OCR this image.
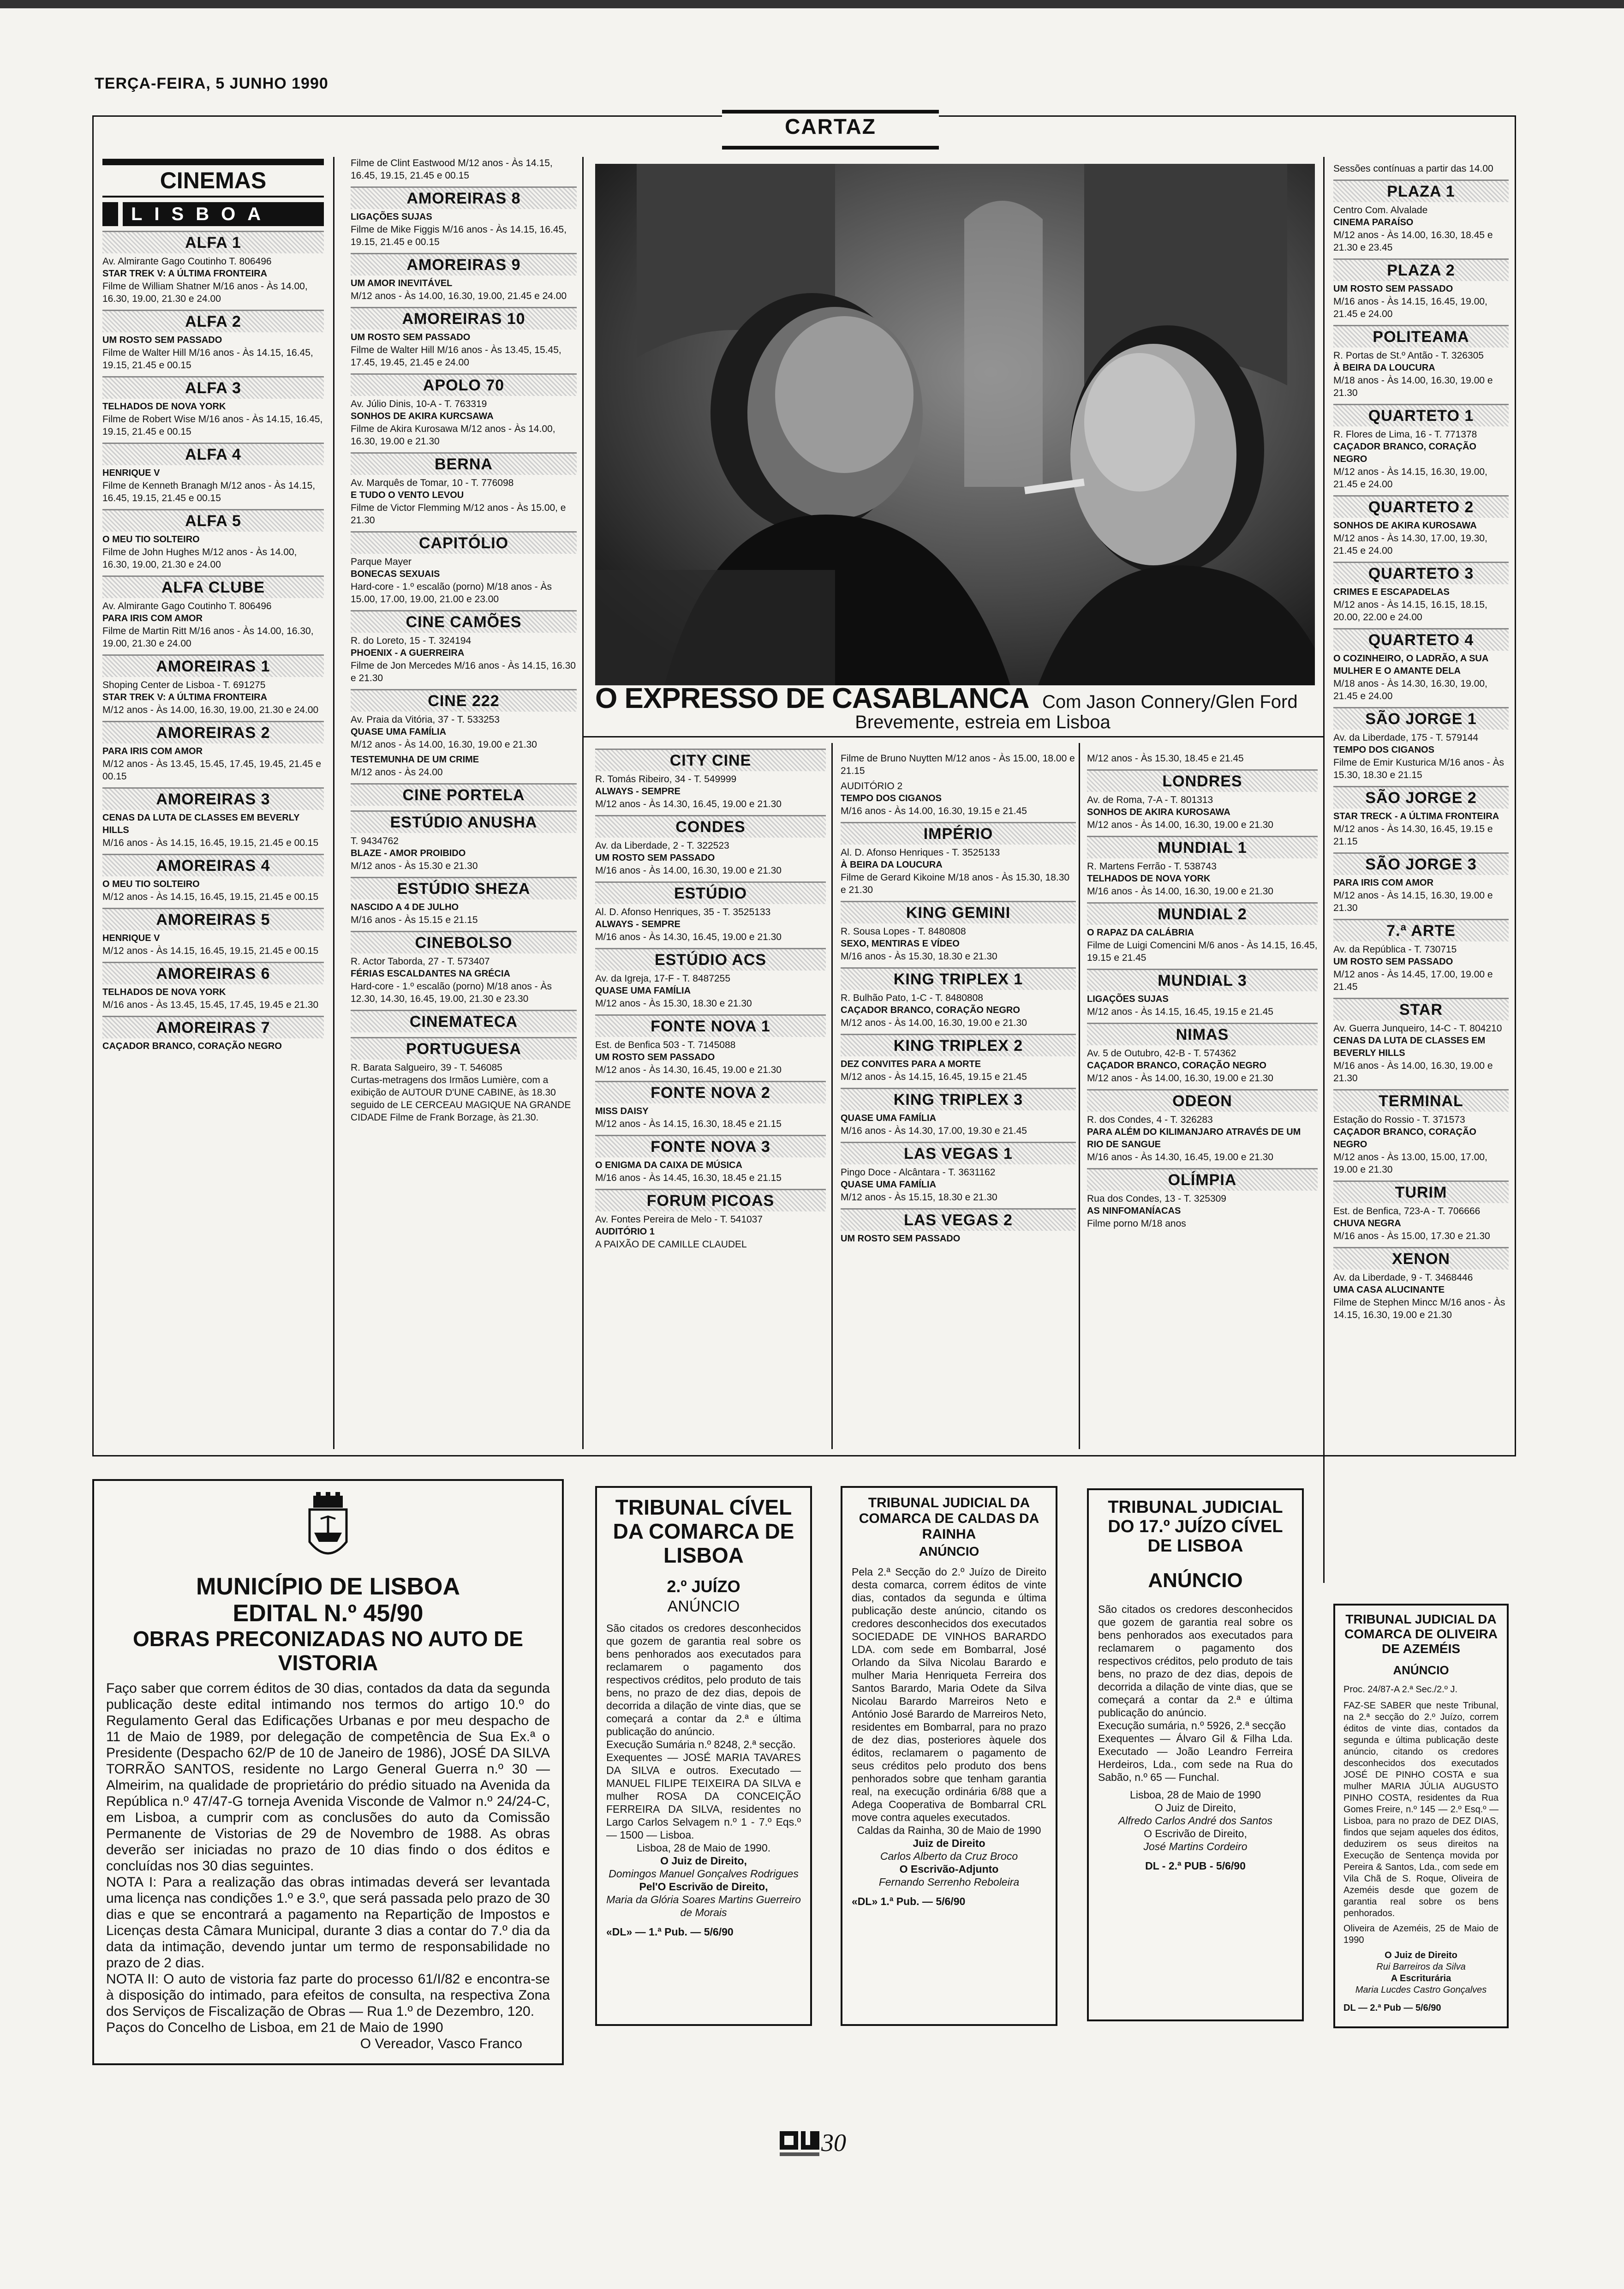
TERÇA-FEIRA, 5 JUNHO 1990
CARTAZ
CINEMAS
LISBOA
ALFA 1
Av. Almirante Gago Coutinho T. 806496
STAR TREK V: A ÚLTIMA FRONTEIRA
Filme de William Shatner M/16 anos - Às 14.00, 16.30, 19.00, 21.30 e 24.00
ALFA 2
UM ROSTO SEM PASSADO
Filme de Walter Hill M/16 anos - Às 14.15, 16.45, 19.15, 21.45 e 00.15
ALFA 3
TELHADOS DE NOVA YORK
Filme de Robert Wise M/16 anos - Às 14.15, 16.45, 19.15, 21.45 e 00.15
ALFA 4
HENRIQUE V
Filme de Kenneth Branagh M/12 anos - Às 14.15, 16.45, 19.15, 21.45 e 00.15
ALFA 5
O MEU TIO SOLTEIRO
Filme de John Hughes M/12 anos - Às 14.00, 16.30, 19.00, 21.30 e 24.00
ALFA CLUBE
Av. Almirante Gago Coutinho T. 806496
PARA IRIS COM AMOR
Filme de Martin Ritt M/16 anos - Às 14.00, 16.30, 19.00, 21.30 e 24.00
AMOREIRAS 1
Shoping Center de Lisboa - T. 691275
STAR TREK V: A ÚLTIMA FRONTEIRA
M/12 anos - Às 14.00, 16.30, 19.00, 21.30 e 24.00
AMOREIRAS 2
PARA IRIS COM AMOR
M/12 anos - Às 13.45, 15.45, 17.45, 19.45, 21.45 e 00.15
AMOREIRAS 3
CENAS DA LUTA DE CLASSES EM BEVERLY HILLS
M/16 anos - Às 14.15, 16.45, 19.15, 21.45 e 00.15
AMOREIRAS 4
O MEU TIO SOLTEIRO
M/12 anos - Às 14.15, 16.45, 19.15, 21.45 e 00.15
AMOREIRAS 5
HENRIQUE V
M/12 anos - Às 14.15, 16.45, 19.15, 21.45 e 00.15
AMOREIRAS 6
TELHADOS DE NOVA YORK
M/16 anos - Às 13.45, 15.45, 17.45, 19.45 e 21.30
AMOREIRAS 7
CAÇADOR BRANCO, CORAÇÃO NEGRO
Filme de Clint Eastwood M/12 anos - Às 14.15, 16.45, 19.15, 21.45 e 00.15
AMOREIRAS 8
LIGAÇÕES SUJAS
Filme de Mike Figgis M/16 anos - Às 14.15, 16.45, 19.15, 21.45 e 00.15
AMOREIRAS 9
UM AMOR INEVITÁVEL
M/12 anos - Às 14.00, 16.30, 19.00, 21.45 e 24.00
AMOREIRAS 10
UM ROSTO SEM PASSADO
Filme de Walter Hill M/16 anos - Às 13.45, 15.45, 17.45, 19.45, 21.45 e 24.00
APOLO 70
Av. Júlio Dinis, 10-A - T. 763319
SONHOS DE AKIRA KURCSAWA
Filme de Akira Kurosawa M/12 anos - Às 14.00, 16.30, 19.00 e 21.30
BERNA
Av. Marquês de Tomar, 10 - T. 776098
E TUDO O VENTO LEVOU
Filme de Victor Flemming M/12 anos - Às 15.00, e 21.30
CAPITÓLIO
Parque Mayer
BONECAS SEXUAIS
Hard-core - 1.º escalão (porno) M/18 anos - Às 15.00, 17.00, 19.00, 21.00 e 23.00
CINE CAMÕES
R. do Loreto, 15 - T. 324194
PHOENIX - A GUERREIRA
Filme de Jon Mercedes M/16 anos - Às 14.15, 16.30 e 21.30
CINE 222
Av. Praia da Vitória, 37 - T. 533253
QUASE UMA FAMÍLIA
M/12 anos - Às 14.00, 16.30, 19.00 e 21.30
TESTEMUNHA DE UM CRIME
M/12 anos - Às 24.00
CINE PORTELA
ESTÚDIO ANUSHA
T. 9434762
BLAZE - AMOR PROIBIDO
M/12 anos - Às 15.30 e 21.30
ESTÚDIO SHEZA
NASCIDO A 4 DE JULHO
M/16 anos - Às 15.15 e 21.15
CINEBOLSO
R. Actor Taborda, 27 - T. 573407
FÉRIAS ESCALDANTES NA GRÉCIA
Hard-core - 1.º escalão (porno) M/18 anos - Às 12.30, 14.30, 16.45, 19.00, 21.30 e 23.30
CINEMATECA
PORTUGUESA
R. Barata Salgueiro, 39 - T. 546085
Curtas-metragens dos Irmãos Lumière, com a exibição de AUTOUR D'UNE CABINE, às 18.30 seguido de LE CERCEAU MAGIQUE NA GRANDE CIDADE Filme de Frank Borzage, às 21.30.
O EXPRESSO DE CASABLANCA Com Jason Connery/Glen Ford
Brevemente, estreia em Lisboa
CITY CINE
R. Tomás Ribeiro, 34 - T. 549999
ALWAYS - SEMPRE
M/12 anos - Às 14.30, 16.45, 19.00 e 21.30
CONDES
Av. da Liberdade, 2 - T. 322523
UM ROSTO SEM PASSADO
M/16 anos - Às 14.00, 16.30, 19.00 e 21.30
ESTÚDIO
Al. D. Afonso Henriques, 35 - T. 3525133
ALWAYS - SEMPRE
M/16 anos - Às 14.30, 16.45, 19.00 e 21.30
ESTÚDIO ACS
Av. da Igreja, 17-F - T. 8487255
QUASE UMA FAMÍLIA
M/12 anos - Às 15.30, 18.30 e 21.30
FONTE NOVA 1
Est. de Benfica 503 - T. 7145088
UM ROSTO SEM PASSADO
M/12 anos - Às 14.30, 16.45, 19.00 e 21.30
FONTE NOVA 2
MISS DAISY
M/12 anos - Às 14.15, 16.30, 18.45 e 21.15
FONTE NOVA 3
O ENIGMA DA CAIXA DE MÚSICA
M/16 anos - Às 14.45, 16.30, 18.45 e 21.15
FORUM PICOAS
Av. Fontes Pereira de Melo - T. 541037
AUDITÓRIO 1
A PAIXÃO DE CAMILLE CLAUDEL
Filme de Bruno Nuytten M/12 anos - Às 15.00, 18.00 e 21.15
AUDITÓRIO 2
TEMPO DOS CIGANOS
M/16 anos - Às 14.00, 16.30, 19.15 e 21.45
IMPÉRIO
Al. D. Afonso Henriques - T. 3525133
À BEIRA DA LOUCURA
Filme de Gerard Kikoine M/18 anos - Às 15.30, 18.30 e 21.30
KING GEMINI
R. Sousa Lopes - T. 8480808
SEXO, MENTIRAS E VÍDEO
M/16 anos - Às 15.30, 18.30 e 21.30
KING TRIPLEX 1
R. Bulhão Pato, 1-C - T. 8480808
CAÇADOR BRANCO, CORAÇÃO NEGRO
M/12 anos - Às 14.00, 16.30, 19.00 e 21.30
KING TRIPLEX 2
DEZ CONVITES PARA A MORTE
M/12 anos - Às 14.15, 16.45, 19.15 e 21.45
KING TRIPLEX 3
QUASE UMA FAMÍLIA
M/16 anos - Às 14.30, 17.00, 19.30 e 21.45
LAS VEGAS 1
Pingo Doce - Alcântara - T. 3631162
QUASE UMA FAMÍLIA
M/12 anos - Às 15.15, 18.30 e 21.30
LAS VEGAS 2
UM ROSTO SEM PASSADO
M/12 anos - Às 15.30, 18.45 e 21.45
LONDRES
Av. de Roma, 7-A - T. 801313
SONHOS DE AKIRA KUROSAWA
M/12 anos - Às 14.00, 16.30, 19.00 e 21.30
MUNDIAL 1
R. Martens Ferrão - T. 538743
TELHADOS DE NOVA YORK
M/16 anos - Às 14.00, 16.30, 19.00 e 21.30
MUNDIAL 2
O RAPAZ DA CALÁBRIA
Filme de Luigi Comencini M/6 anos - Às 14.15, 16.45, 19.15 e 21.45
MUNDIAL 3
LIGAÇÕES SUJAS
M/12 anos - Às 14.15, 16.45, 19.15 e 21.45
NIMAS
Av. 5 de Outubro, 42-B - T. 574362
CAÇADOR BRANCO, CORAÇÃO NEGRO
M/12 anos - Às 14.00, 16.30, 19.00 e 21.30
ODEON
R. dos Condes, 4 - T. 326283
PARA ALÉM DO KILIMANJARO ATRAVÉS DE UM RIO DE SANGUE
M/16 anos - Às 14.30, 16.45, 19.00 e 21.30
OLÍMPIA
Rua dos Condes, 13 - T. 325309
AS NINFOMANÍACAS
Filme porno M/18 anos
Sessões contínuas a partir das 14.00
PLAZA 1
Centro Com. Alvalade
CINEMA PARAÍSO
M/12 anos - Às 14.00, 16.30, 18.45 e 21.30 e 23.45
PLAZA 2
UM ROSTO SEM PASSADO
M/16 anos - Às 14.15, 16.45, 19.00, 21.45 e 24.00
POLITEAMA
R. Portas de St.º Antão - T. 326305
À BEIRA DA LOUCURA
M/18 anos - Às 14.00, 16.30, 19.00 e 21.30
QUARTETO 1
R. Flores de Lima, 16 - T. 771378
CAÇADOR BRANCO, CORAÇÃO NEGRO
M/12 anos - Às 14.15, 16.30, 19.00, 21.45 e 24.00
QUARTETO 2
SONHOS DE AKIRA KUROSAWA
M/12 anos - Às 14.30, 17.00, 19.30, 21.45 e 24.00
QUARTETO 3
CRIMES E ESCAPADELAS
M/12 anos - Às 14.15, 16.15, 18.15, 20.00, 22.00 e 24.00
QUARTETO 4
O COZINHEIRO, O LADRÃO, A SUA MULHER E O AMANTE DELA
M/18 anos - Às 14.30, 16.30, 19.00, 21.45 e 24.00
SÃO JORGE 1
Av. da Liberdade, 175 - T. 579144
TEMPO DOS CIGANOS
Filme de Emir Kusturica M/16 anos - Às 15.30, 18.30 e 21.15
SÃO JORGE 2
STAR TRECK - A ÚLTIMA FRONTEIRA
M/12 anos - Às 14.30, 16.45, 19.15 e 21.15
SÃO JORGE 3
PARA IRIS COM AMOR
M/12 anos - Às 14.15, 16.30, 19.00 e 21.30
7.ª ARTE
Av. da República - T. 730715
UM ROSTO SEM PASSADO
M/12 anos - Às 14.45, 17.00, 19.00 e 21.45
STAR
Av. Guerra Junqueiro, 14-C - T. 804210
CENAS DA LUTA DE CLASSES EM BEVERLY HILLS
M/16 anos - Às 14.00, 16.30, 19.00 e 21.30
TERMINAL
Estação do Rossio - T. 371573
CAÇADOR BRANCO, CORAÇÃO NEGRO
M/12 anos - Às 13.00, 15.00, 17.00, 19.00 e 21.30
TURIM
Est. de Benfica, 723-A - T. 706666
CHUVA NEGRA
M/16 anos - Às 15.00, 17.30 e 21.30
XENON
Av. da Liberdade, 9 - T. 3468446
UMA CASA ALUCINANTE
Filme de Stephen Mincc M/16 anos - Às 14.15, 16.30, 19.00 e 21.30
MUNICÍPIO DE LISBOA
EDITAL N.º 45/90
OBRAS PRECONIZADAS NO AUTO DE VISTORIA

Faço saber que correm éditos de 30 dias, contados da data da segunda publicação deste edital intimando nos termos do artigo 10.º do Regulamento Geral das Edificações Urbanas e por meu despacho de 11 de Maio de 1989, por delegação de competência de Sua Ex.ª o Presidente (Despacho 62/P de 10 de Janeiro de 1986), JOSÉ DA SILVA TORRÃO SANTOS, residente no Largo General Guerra n.º 30 — Almeirim, na qualidade de proprietário do prédio situado na Avenida da República n.º 47/47-G torneja Avenida Visconde de Valmor n.º 24/24-C, em Lisboa, a cumprir com as conclusões do auto da Comissão Permanente de Vistorias de 29 de Novembro de 1988. As obras deverão ser iniciadas no prazo de 10 dias findo o dos éditos e concluídas nos 30 dias seguintes.

NOTA I: Para a realização das obras intimadas deverá ser levantada uma licença nas condições 1.º e 3.º, que será passada pelo prazo de 30 dias e que se encontrará a pagamento na Repartição de Impostos e Licenças desta Câmara Municipal, durante 3 dias a contar do 7.º dia da data da intimação, devendo juntar um termo de responsabilidade no prazo de 2 dias.

NOTA II: O auto de vistoria faz parte do processo 61/I/82 e encontra-se à disposição do intimado, para efeitos de consulta, na respectiva Zona dos Serviços de Fiscalização de Obras — Rua 1.º de Dezembro, 120.

Paços do Concelho de Lisboa, em 21 de Maio de 1990

O Vereador, Vasco Franco

TRIBUNAL CÍVEL DA COMARCA DE LISBOA
2.º JUÍZO
ANÚNCIO

São citados os credores desconhecidos que gozem de garantia real sobre os bens penhorados aos executados para reclamarem o pagamento dos respectivos créditos, pelo produto de tais bens, no prazo de dez dias, depois de decorrida a dilação de vinte dias, que se começará a contar da 2.ª e última publicação do anúncio.

Execução Sumária n.º 8248, 2.ª secção.

Exequentes — JOSÉ MARIA TAVARES DA SILVA e outros. Executado — MANUEL FILIPE TEIXEIRA DA SILVA e mulher ROSA DA CONCEIÇÃO FERREIRA DA SILVA, residentes no Largo Carlos Selvagem n.º 1 - 7.º Eqs.º — 1500 — Lisboa.

Lisboa, 28 de Maio de 1990.

O Juiz de Direito,

Domingos Manuel Gonçalves Rodrigues

Pel'O Escrivão de Direito,

Maria da Glória Soares Martins Guerreiro de Morais

«DL» — 1.ª Pub. — 5/6/90

TRIBUNAL JUDICIAL DA COMARCA DE CALDAS DA RAINHA
ANÚNCIO

Pela 2.ª Secção do 2.º Juízo de Direito desta comarca, correm éditos de vinte dias, contados da segunda e última publicação deste anúncio, citando os credores desconhecidos dos executados SOCIEDADE DE VINHOS BARARDO LDA. com sede em Bombarral, José Orlando da Silva Nicolau Barardo e mulher Maria Henriqueta Ferreira dos Santos Barardo, Maria Odete da Silva Nicolau Barardo Marreiros Neto e António José Barardo de Marreiros Neto, residentes em Bombarral, para no prazo de dez dias, posteriores àquele dos éditos, reclamarem o pagamento de seus créditos pelo produto dos bens penhorados sobre que tenham garantia real, na execução ordinária 6/88 que a Adega Cooperativa de Bombarral CRL move contra aqueles executados.

Caldas da Rainha, 30 de Maio de 1990

Juiz de Direito

Carlos Alberto da Cruz Broco

O Escrivão-Adjunto

Fernando Serrenho Reboleira

«DL» 1.ª Pub. — 5/6/90

TRIBUNAL JUDICIAL DO 17.º JUÍZO CÍVEL DE LISBOA
ANÚNCIO

São citados os credores desconhecidos que gozem de garantia real sobre os bens penhorados aos executados para reclamarem o pagamento dos respectivos créditos, pelo produto de tais bens, no prazo de dez dias, depois de decorrida a dilação de vinte dias, que se começará a contar da 2.ª e última publicação do anúncio.

Execução sumária, n.º 5926, 2.ª secção

Exequentes — Álvaro Gil & Filha Lda. Executado — João Leandro Ferreira Herdeiros, Lda., com sede na Rua do Sabão, n.º 65 — Funchal.

Lisboa, 28 de Maio de 1990

O Juiz de Direito,

Alfredo Carlos André dos Santos

O Escrivão de Direito,

José Martins Cordeiro

DL - 2.ª PUB - 5/6/90

TRIBUNAL JUDICIAL DA COMARCA DE OLIVEIRA DE AZEMÉIS
ANÚNCIO

Proc. 24/87-A 2.ª Sec./2.º J.

FAZ-SE SABER que neste Tribunal, na 2.ª secção do 2.º Juízo, correm éditos de vinte dias, contados da segunda e última publicação deste anúncio, citando os credores desconhecidos dos executados JOSÉ DE PINHO COSTA e sua mulher MARIA JÚLIA AUGUSTO PINHO COSTA, residentes da Rua Gomes Freire, n.º 145 — 2.º Esq.º — Lisboa, para no prazo de DEZ DIAS, findos que sejam aqueles dos éditos, deduzirem os seus direitos na Execução de Sentença movida por Pereira & Santos, Lda., com sede em Vila Chã de S. Roque, Oliveira de Azeméis desde que gozem de garantia real sobre os bens penhorados.

Oliveira de Azeméis, 25 de Maio de 1990

O Juiz de Direito

Rui Barreiros da Silva

A Escriturária

Maria Lucdes Castro Gonçalves

DL — 2.ª Pub — 5/6/90

30
